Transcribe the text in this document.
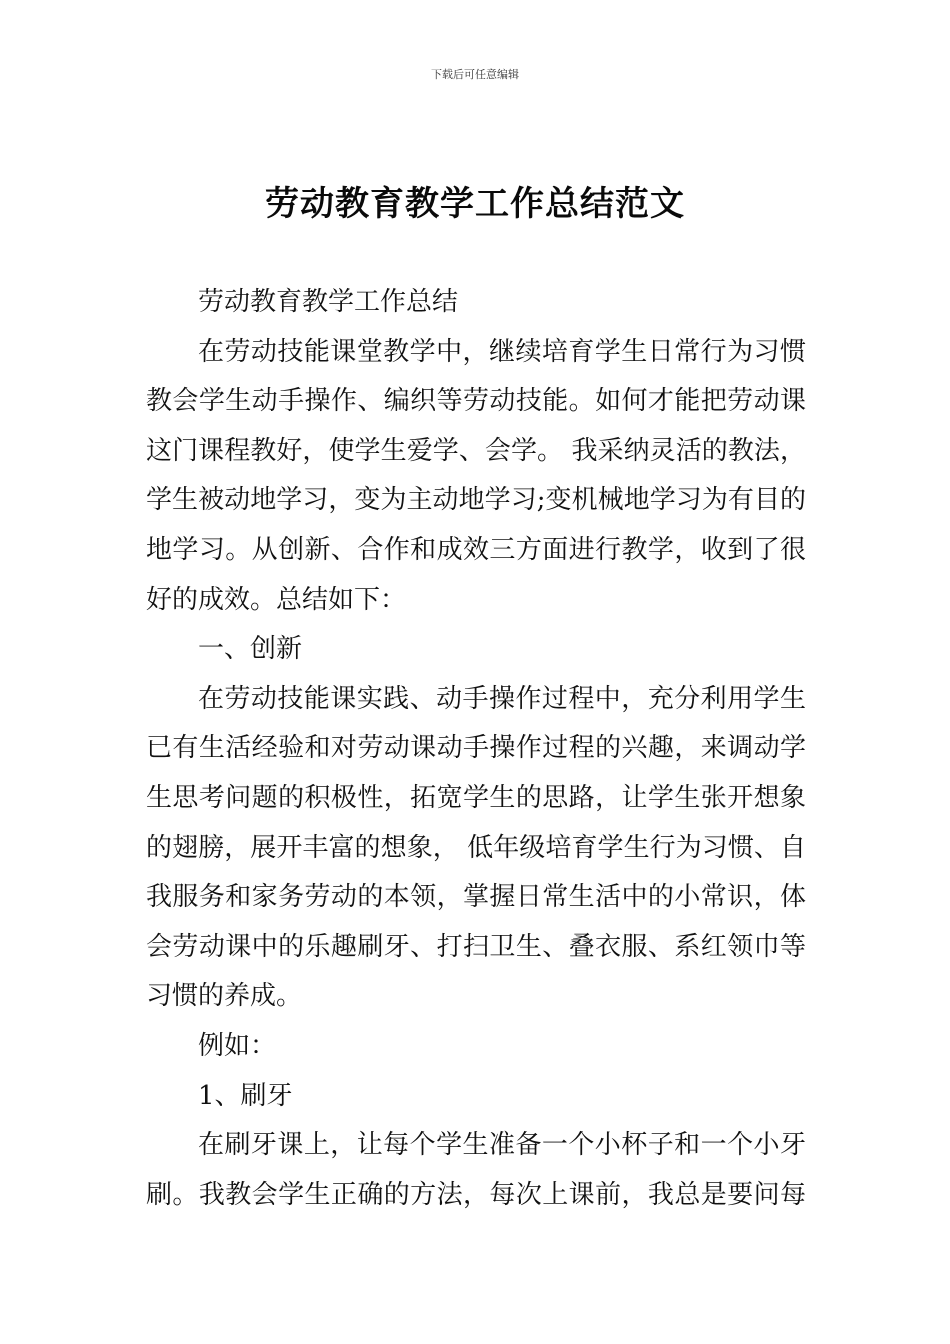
下载后可任意编辑
劳动教育教学工作总结范文
劳动教育教学工作总结
在劳动技能课堂教学中，继续培育学生日常行为习惯
教会学生动手操作、编织等劳动技能。如何才能把劳动课
这门课程教好，使学生爱学、会学。 我采纳灵活的教法，
学生被动地学习，变为主动地学习;变机械地学习为有目的
地学习。从创新、合作和成效三方面进行教学，收到了很
好的成效。总结如下：
一、创新
在劳动技能课实践、动手操作过程中，充分利用学生
已有生活经验和对劳动课动手操作过程的兴趣，来调动学
生思考问题的积极性，拓宽学生的思路，让学生张开想象
的翅膀，展开丰富的想象， 低年级培育学生行为习惯、自
我服务和家务劳动的本领，掌握日常生活中的小常识，体
会劳动课中的乐趣刷牙、打扫卫生、叠衣服、系红领巾等
习惯的养成。
例如：
1、刷牙
在刷牙课上，让每个学生准备一个小杯子和一个小牙
刷。我教会学生正确的方法，每次上课前，我总是要问每
